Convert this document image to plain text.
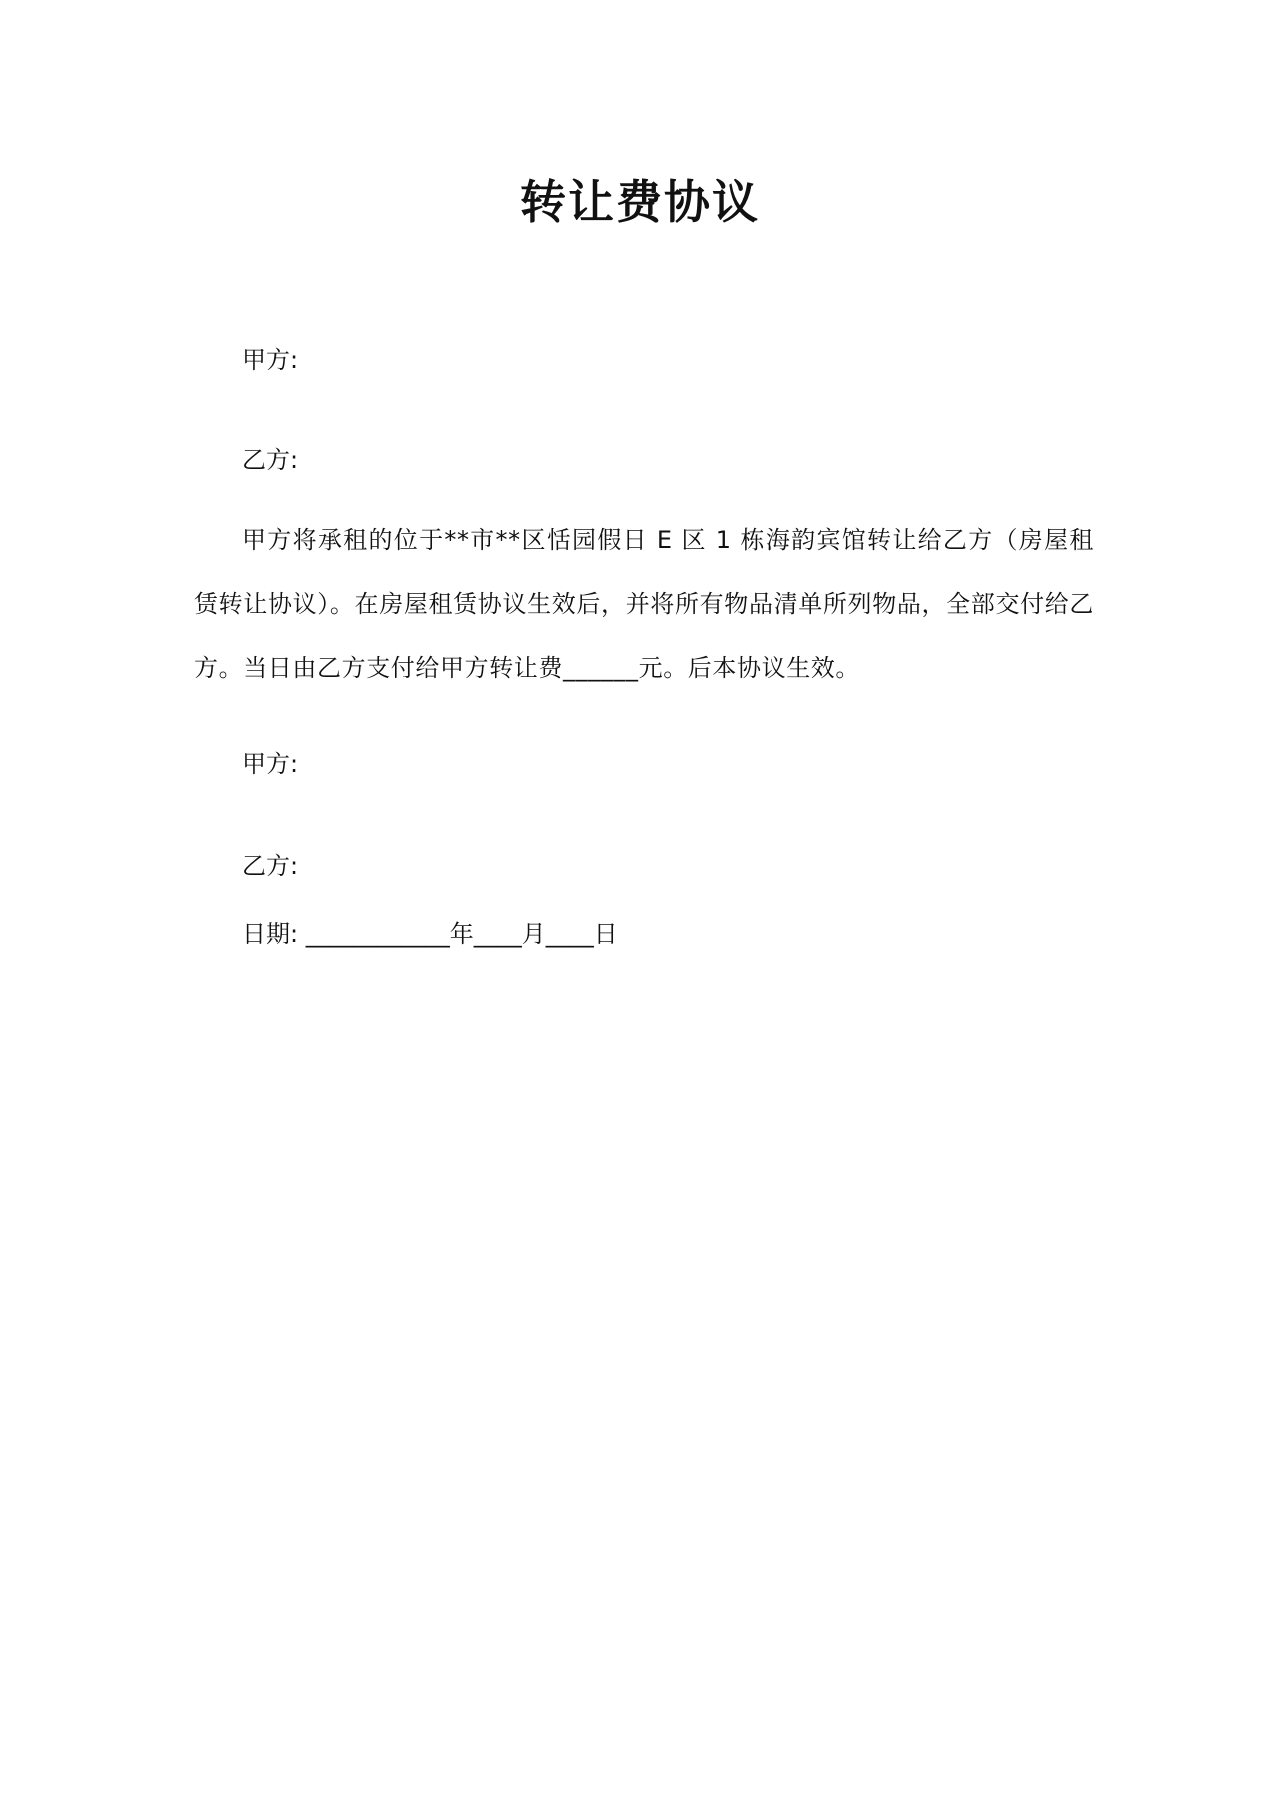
转让费协议

甲方:

乙方:

甲方将承租的位于**市**区恬园假日 E 区 1 栋海韵宾馆转让给乙方（房屋租赁转让协议）。在房屋租赁协议生效后，并将所有物品清单所列物品，全部交付给乙方。当日由乙方支付给甲方转让费______元。后本协议生效。

甲方:

乙方:

日期: ____________年____月____日
